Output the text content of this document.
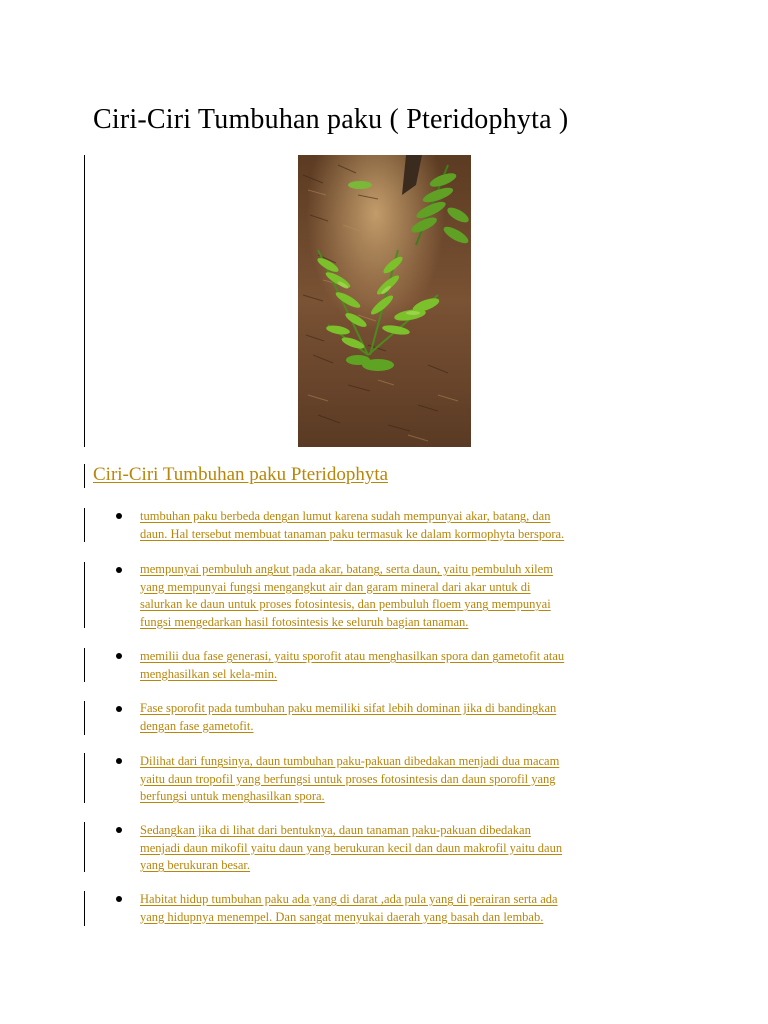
Ciri-Ciri Tumbuhan paku ( Pteridophyta )
Ciri-Ciri Tumbuhan paku Pteridophyta
tumbuhan paku berbeda dengan lumut karena sudah mempunyai akar, batang, dan
daun. Hal tersebut membuat tanaman paku termasuk ke dalam kormophyta berspora.
mempunyai pembuluh angkut pada akar, batang, serta daun, yaitu pembuluh xilem
yang mempunyai fungsi mengangkut air dan garam mineral dari akar untuk di
salurkan ke daun untuk proses fotosintesis, dan pembuluh floem yang mempunyai
fungsi mengedarkan hasil fotosintesis ke seluruh bagian tanaman.
memilii dua fase generasi, yaitu sporofit atau menghasilkan spora dan gametofit atau
menghasilkan sel kela-min.
Fase sporofit pada tumbuhan paku memiliki sifat lebih dominan jika di bandingkan
dengan fase gametofit.
Dilihat dari fungsinya, daun tumbuhan paku-pakuan dibedakan menjadi dua macam
yaitu daun tropofil yang berfungsi untuk proses fotosintesis dan daun sporofil yang
berfungsi untuk menghasilkan spora.
Sedangkan jika di lihat dari bentuknya, daun tanaman paku-pakuan dibedakan
menjadi daun mikofil yaitu daun yang berukuran kecil dan daun makrofil yaitu daun
yang berukuran besar.
Habitat hidup tumbuhan paku ada yang di darat ,ada pula yang di perairan serta ada
yang hidupnya menempel. Dan sangat menyukai daerah yang basah dan lembab.
